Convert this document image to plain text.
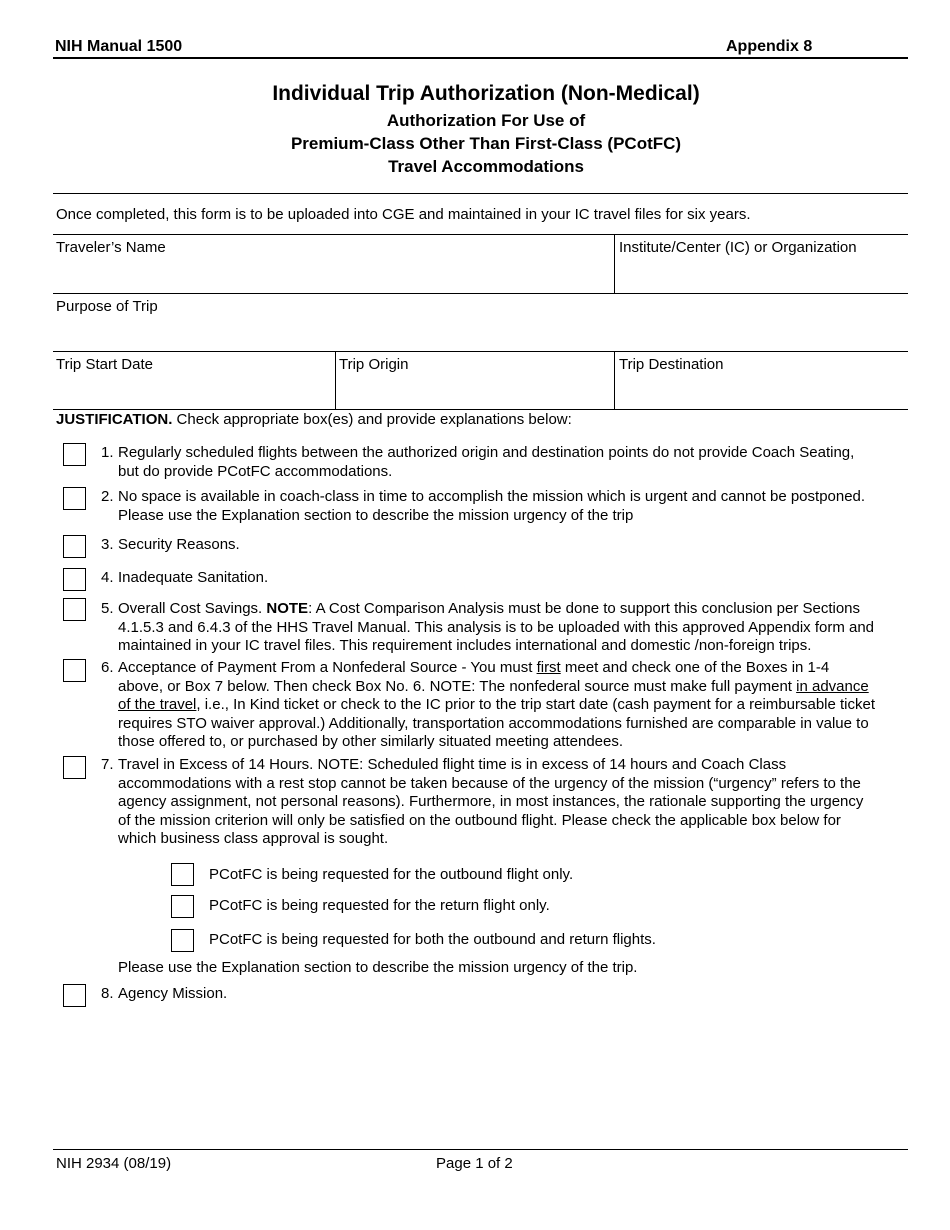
NIH Manual 1500	Appendix 8
Individual Trip Authorization (Non-Medical)
Authorization For Use of
Premium-Class Other Than First-Class (PCotFC)
Travel Accommodations
Once completed, this form is to be uploaded into CGE and maintained in your IC travel files for six years.
Traveler’s Name	Institute/Center (IC) or Organization
Purpose of Trip
Trip Start Date	Trip Origin	Trip Destination
JUSTIFICATION. Check appropriate box(es) and provide explanations below:
1. Regularly scheduled flights between the authorized origin and destination points do not provide Coach Seating,
but do provide PCotFC accommodations.
2. No space is available in coach-class in time to accomplish the mission which is urgent and cannot be postponed.
Please use the Explanation section to describe the mission urgency of the trip
3. Security Reasons.
4. Inadequate Sanitation.
5. Overall Cost Savings. NOTE: A Cost Comparison Analysis must be done to support this conclusion per Sections
4.1.5.3 and 6.4.3 of the HHS Travel Manual. This analysis is to be uploaded with this approved Appendix form and
maintained in your IC travel files. This requirement includes international and domestic /non-foreign trips.
6. Acceptance of Payment From a Nonfederal Source - You must first meet and check one of the Boxes in 1-4
above, or Box 7 below. Then check Box No. 6. NOTE: The nonfederal source must make full payment in advance
of the travel, i.e., In Kind ticket or check to the IC prior to the trip start date (cash payment for a reimbursable ticket
requires STO waiver approval.) Additionally, transportation accommodations furnished are comparable in value to
those offered to, or purchased by other similarly situated meeting attendees.
7. Travel in Excess of 14 Hours. NOTE: Scheduled flight time is in excess of 14 hours and Coach Class
accommodations with a rest stop cannot be taken because of the urgency of the mission (“urgency” refers to the
agency assignment, not personal reasons). Furthermore, in most instances, the rationale supporting the urgency
of the mission criterion will only be satisfied on the outbound flight. Please check the applicable box below for
which business class approval is sought.
PCotFC is being requested for the outbound flight only.
PCotFC is being requested for the return flight only.
PCotFC is being requested for both the outbound and return flights.
Please use the Explanation section to describe the mission urgency of the trip.
8. Agency Mission.
NIH 2934 (08/19)	Page 1 of 2
